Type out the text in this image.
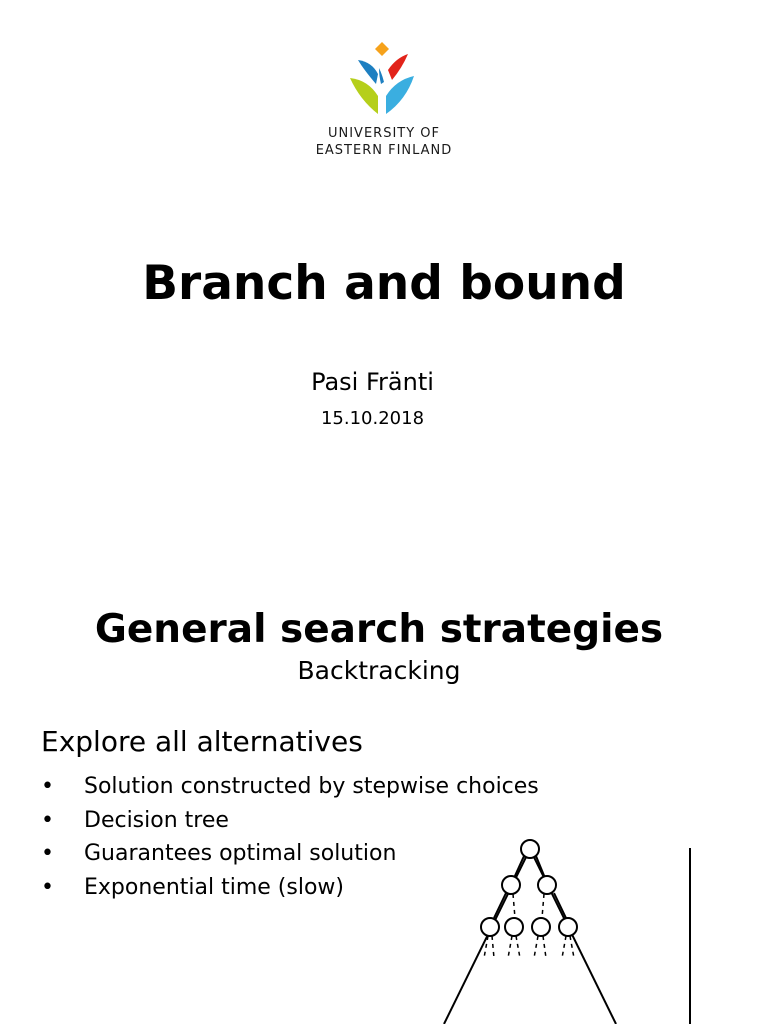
UNIVERSITY OF
EASTERN FINLAND
Branch and bound
Pasi Fränti
15.10.2018
General search strategies
Backtracking
Explore all alternatives
• Solution constructed by stepwise choices
• Decision tree
• Guarantees optimal solution
• Exponential time (slow)
